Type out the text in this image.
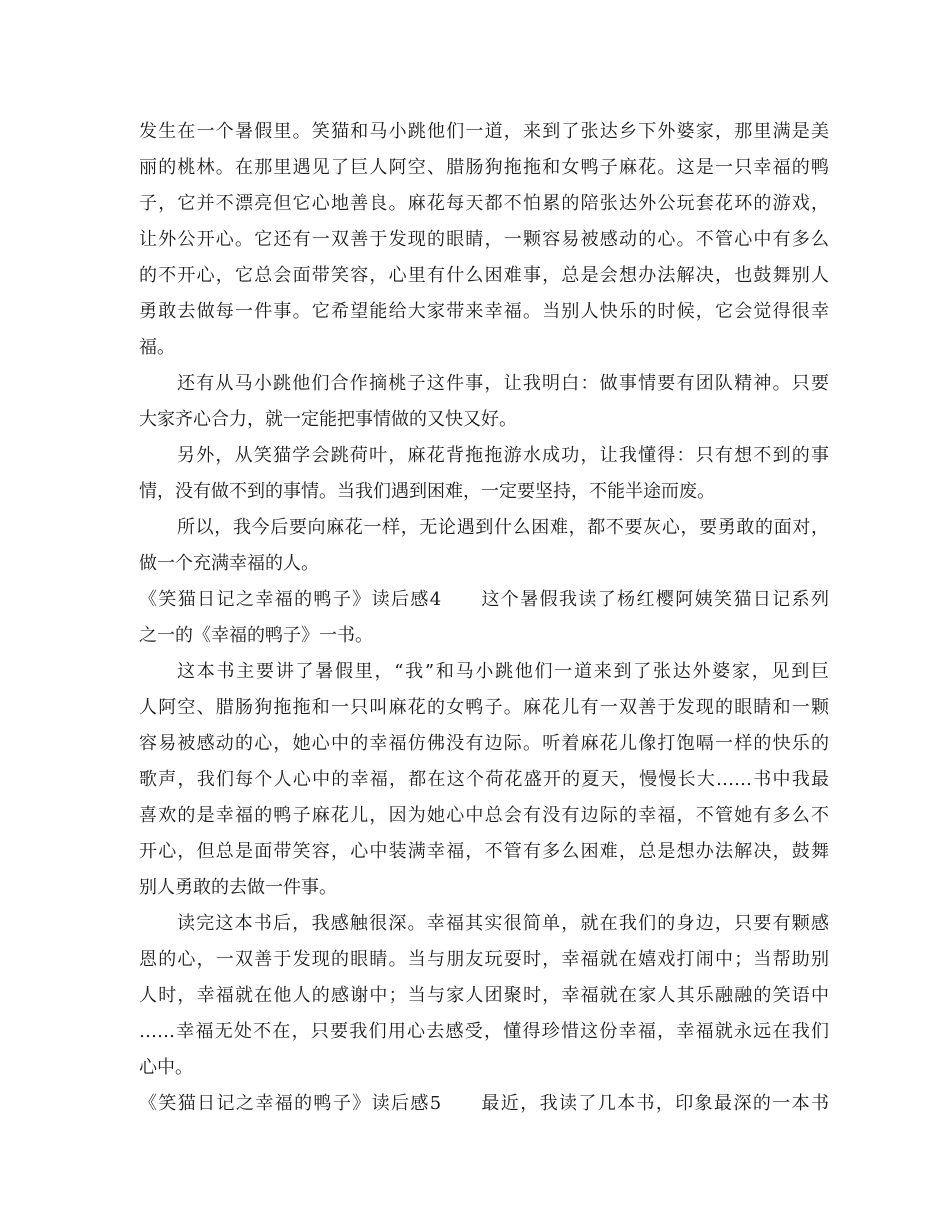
发生在一个暑假里。笑猫和马小跳他们一道，来到了张达乡下外婆家，那里满是美
丽的桃林。在那里遇见了巨人阿空、腊肠狗拖拖和女鸭子麻花。这是一只幸福的鸭
子，它并不漂亮但它心地善良。麻花每天都不怕累的陪张达外公玩套花环的游戏，
让外公开心。它还有一双善于发现的眼睛，一颗容易被感动的心。不管心中有多么
的不开心，它总会面带笑容，心里有什么困难事，总是会想办法解决，也鼓舞别人
勇敢去做每一件事。它希望能给大家带来幸福。当别人快乐的时候，它会觉得很幸
福。
还有从马小跳他们合作摘桃子这件事，让我明白：做事情要有团队精神。只要
大家齐心合力，就一定能把事情做的又快又好。
另外，从笑猫学会跳荷叶，麻花背拖拖游水成功，让我懂得：只有想不到的事
情，没有做不到的事情。当我们遇到困难，一定要坚持，不能半途而废。
所以，我今后要向麻花一样，无论遇到什么困难，都不要灰心，要勇敢的面对，
做一个充满幸福的人。
《笑猫日记之幸福的鸭子》读后感4　　这个暑假我读了杨红樱阿姨笑猫日记系列
之一的《幸福的鸭子》一书。
这本书主要讲了暑假里，“我”和马小跳他们一道来到了张达外婆家，见到巨
人阿空、腊肠狗拖拖和一只叫麻花的女鸭子。麻花儿有一双善于发现的眼睛和一颗
容易被感动的心，她心中的幸福仿佛没有边际。听着麻花儿像打饱嗝一样的快乐的
歌声，我们每个人心中的幸福，都在这个荷花盛开的夏天，慢慢长大……书中我最
喜欢的是幸福的鸭子麻花儿，因为她心中总会有没有边际的幸福，不管她有多么不
开心，但总是面带笑容，心中装满幸福，不管有多么困难，总是想办法解决，鼓舞
别人勇敢的去做一件事。
读完这本书后，我感触很深。幸福其实很简单，就在我们的身边，只要有颗感
恩的心，一双善于发现的眼睛。当与朋友玩耍时，幸福就在嬉戏打闹中；当帮助别
人时，幸福就在他人的感谢中；当与家人团聚时，幸福就在家人其乐融融的笑语中
……幸福无处不在，只要我们用心去感受，懂得珍惜这份幸福，幸福就永远在我们
心中。
《笑猫日记之幸福的鸭子》读后感5　　最近，我读了几本书，印象最深的一本书
